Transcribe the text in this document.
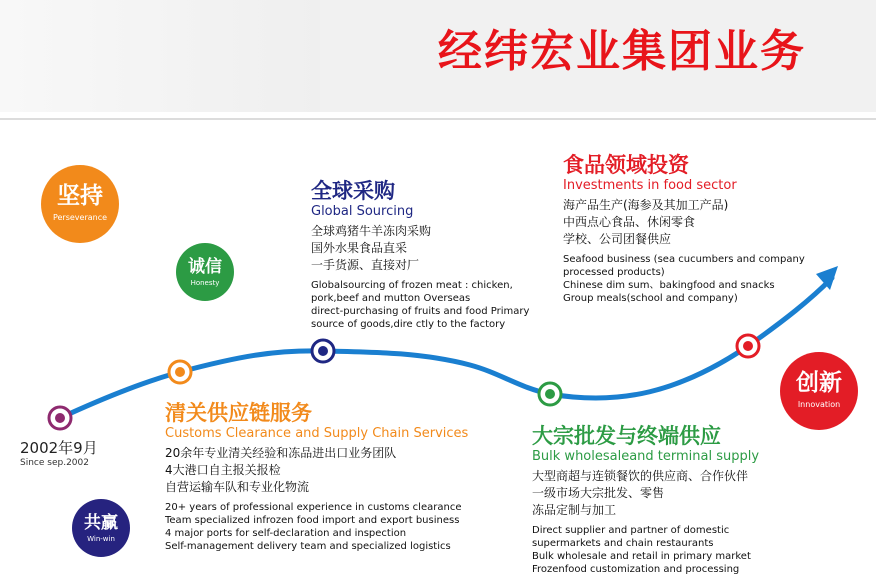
经纬宏业集团业务
坚持
Perseverance
诚信
Honesty
共赢
Win-win
创新
Innovation
2002年9月
Since sep.2002
全球采购
Global Sourcing
全球鸡猪牛羊冻肉采购
国外水果食品直采
一手货源、直接对厂
Globalsourcing of frozen meat : chicken,
pork,beef and mutton Overseas
direct-purchasing of fruits and food Primary
source of goods,dire ctly to the factory
食品领域投资
Investments in food sector
海产品生产(海参及其加工产品)
中西点心食品、休闲零食
学校、公司团餐供应
Seafood business (sea cucumbers and company
processed products)
Chinese dim sum、bakingfood and snacks
Group meals(school and company)
清关供应链服务
Customs Clearance and Supply Chain Services
20余年专业清关经验和冻品进出口业务团队
4大港口自主报关报检
自营运输车队和专业化物流
20+ years of professional experience in customs clearance
Team specialized infrozen food import and export business
4 major ports for self-declaration and inspection
Self-management delivery team and specialized logistics
大宗批发与终端供应
Bulk wholesaleand terminal supply
大型商超与连锁餐饮的供应商、合作伙伴
一级市场大宗批发、零售
冻品定制与加工
Direct supplier and partner of domestic
supermarkets and chain restaurants
Bulk wholesale and retail in primary market
Frozenfood customization and processing
